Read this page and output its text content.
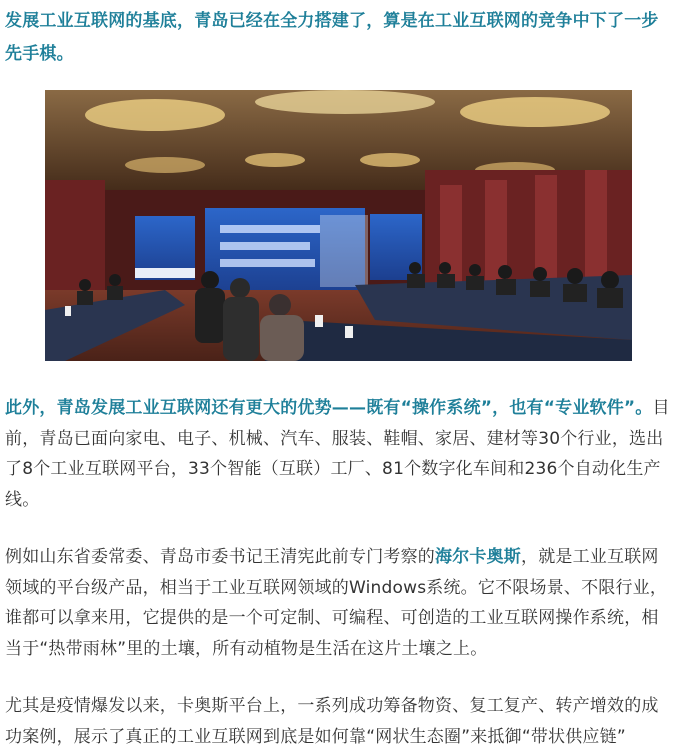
发展工业互联网的基底，青岛已经在全力搭建了，算是在工业互联网的竞争中下了一步先手棋。
此外，青岛发展工业互联网还有更大的优势——既有“操作系统”，也有“专业软件”。目前，青岛已面向家电、电子、机械、汽车、服装、鞋帽、家居、建材等30个行业，选出了8个工业互联网平台，33个智能（互联）工厂、81个数字化车间和236个自动化生产线。
例如山东省委常委、青岛市委书记王清宪此前专门考察的海尔卡奥斯，就是工业互联网领域的平台级产品，相当于工业互联网领域的Windows系统。它不限场景、不限行业，谁都可以拿来用，它提供的是一个可定制、可编程、可创造的工业互联网操作系统，相当于“热带雨林”里的土壤，所有动植物是生活在这片土壤之上。
尤其是疫情爆发以来，卡奥斯平台上，一系列成功筹备物资、复工复产、转产增效的成功案例，展示了真正的工业互联网到底是如何靠“网状生态圈”来抵御“带状供应链”
